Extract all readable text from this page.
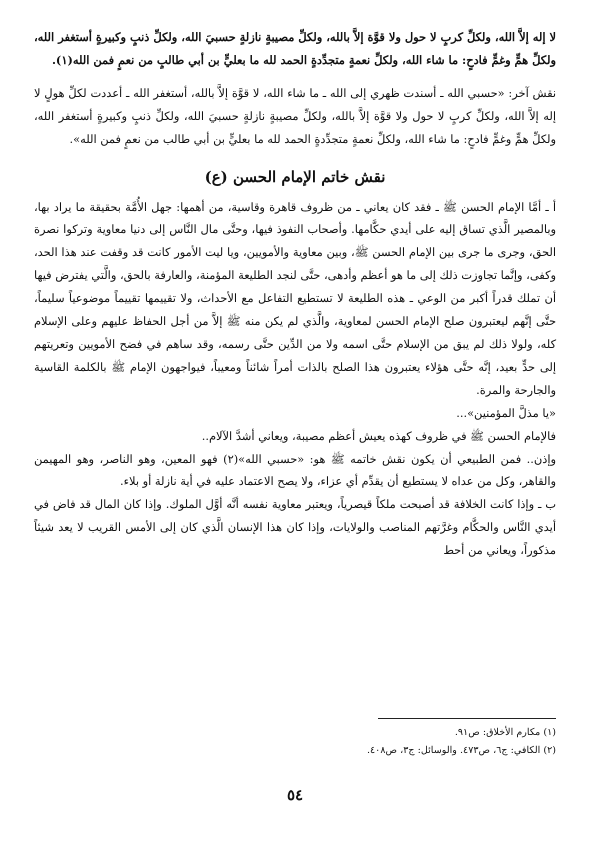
لا إله إلاَّ الله، ولكلِّ كربٍ لا حول ولا قوَّة إلاَّ بالله، ولكلِّ مصيبةٍ نازلةٍ حسبيَ الله، ولكلِّ ذنبٍ وكبيرةٍ أستغفر الله، ولكلِّ همٍّ وغمٍّ فادحٍ: ما شاء الله، ولكلِّ نعمةٍ متجدِّدةٍ الحمد لله ما بعليٍّ بن أبي طالبٍ من نعمٍ فمن الله(١).

نقش آخر: «حسبي الله ـ أسندت ظهري إلى الله ـ ما شاء الله، لا قوَّة إلاَّ بالله، أستغفر الله ـ أعددت لكلِّ هولٍ لا إله إلاَّ الله، ولكلِّ كربٍ لا حول ولا قوَّة إلاَّ بالله، ولكلِّ مصيبةٍ نازلةٍ حسبيَ الله، ولكلِّ ذنبٍ وكبيرةٍ أستغفر الله، ولكلِّ همٍّ وغمٍّ فادحٍ: ما شاء الله، ولكلِّ نعمةٍ متجدِّدةٍ الحمد لله ما بعليٍّ بن أبي طالب من نعمٍ فمن الله».

نقش خاتم الإمام الحسن (ع)

أ ـ أمَّا الإمام الحسن ﷺ ـ فقد كان يعاني ـ من ظروف قاهرة وقاسية، من أهمها: جهل الأُمَّة بحقيقة ما يراد بها، وبالمصير الَّذي تساق إليه على أيدي حكَّامها. وأصحاب النفوذ فيها، وحتَّى مال النَّاس إلى دنيا معاوية وتركوا نصرة الحق، وجرى ما جرى بين الإمام الحسن ﷺ، وبين معاوية والأمويين، ويا ليت الأمور كانت قد وقفت عند هذا الحد، وكفى، وإنَّما تجاوزت ذلك إلى ما هو أعظم وأدهى، حتَّى لنجد الطليعة المؤمنة، والعارفة بالحق، والَّتي يفترض فيها أن تملك قدراً أكبر من الوعي ـ هذه الطليعة لا تستطيع التفاعل مع الأحداث، ولا تقييمها تقييماً موضوعياً سليماً، حتَّى إنَّهم ليعتبرون صلح الإمام الحسن لمعاوية، والَّذي لم يكن منه ﷺ إلاَّ من أجل الحفاظ عليهم وعلى الإسلام كله، ولولا ذلك لم يبق من الإسلام حتَّى اسمه ولا من الدِّين حتَّى رسمه، وقد ساهم في فضح الأمويين وتعريتهم إلى حدٍّ بعيد، إنَّه حتَّى هؤلاء يعتبرون هذا الصلح بالذات أمراً شائناً ومعيباً، فيواجهون الإمام ﷺ بالكلمة القاسية والجارحة والمرة.

«يا مذلَّ المؤمنين»...

فالإمام الحسن ﷺ في ظروف كهذه يعيش أعظم مصيبة، ويعاني أشدَّ الآلام..

وإذن.. فمن الطبيعي أن يكون نقش خاتمه ﷺ هو: «حسبي الله»(٢) فهو المعين، وهو الناصر، وهو المهيمن والقاهر، وكل من عداه لا يستطيع أن يقدِّم أي عزاء، ولا يصح الاعتماد عليه في أية نازلة أو بلاء.

ب ـ وإذا كانت الخلافة قد أصبحت ملكاً قيصرياً، ويعتبر معاوية نفسه أنَّه أوَّل الملوك. وإذا كان المال قد فاض في أيدي النَّاس والحكَّام وغرَّتهم المناصب والولايات، وإذا كان هذا الإنسان الَّذي كان إلى الأمس القريب لا يعد شيئاً مذكوراً، ويعاني من أحط

(١) مكارم الأخلاق: ص٩١.
(٢) الكافي: ج٦، ص٤٧٣. والوسائل: ج٣، ص٤٠٨.
٥٤
